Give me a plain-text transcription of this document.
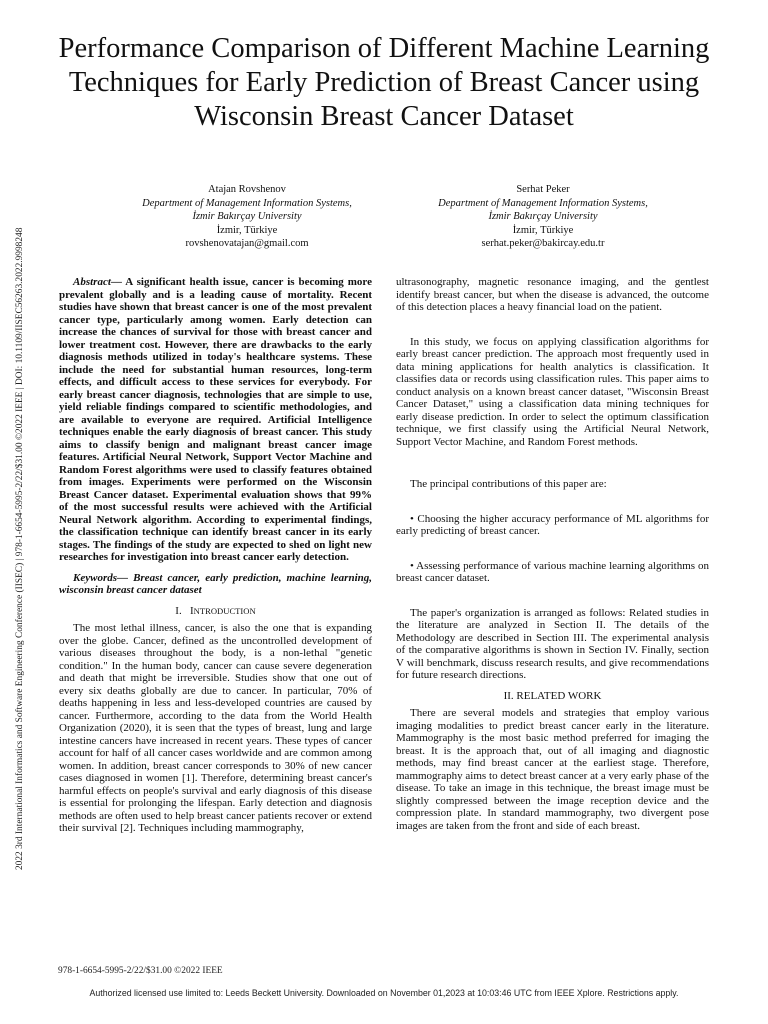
Performance Comparison of Different Machine Learning Techniques for Early Prediction of Breast Cancer using Wisconsin Breast Cancer Dataset
2022 3rd International Informatics and Software Engineering Conference (IISEC) | 978-1-6654-5995-2/22/$31.00 ©2022 IEEE | DOI: 10.1109/IISEC56263.2022.9998248
Atajan Rovshenov
Department of Management Information Systems,
İzmir Bakırçay University
İzmir, Türkiye
rovshenovatajan@gmail.com
Serhat Peker
Department of Management Information Systems,
İzmir Bakırçay University
İzmir, Türkiye
serhat.peker@bakircay.edu.tr

Abstract— A significant health issue, cancer is becoming more prevalent globally and is a leading cause of mortality. Recent studies have shown that breast cancer is one of the most prevalent cancer type, particularly among women. Early detection can increase the chances of survival for those with breast cancer and lower treatment cost. However, there are drawbacks to the early diagnosis methods utilized in today's healthcare systems. These include the need for substantial human resources, long-term effects, and difficult access to these services for everybody. For early breast cancer diagnosis, technologies that are simple to use, yield reliable findings compared to scientific methodologies, and are available to everyone are required. Artificial Intelligence techniques enable the early diagnosis of breast cancer. This study aims to classify benign and malignant breast cancer image features. Artificial Neural Network, Support Vector Machine and Random Forest algorithms were used to classify features obtained from images. Experiments were performed on the Wisconsin Breast Cancer dataset. Experimental evaluation shows that 99% of the most successful results were achieved with the Artificial Neural Network algorithm. According to experimental findings, the classification technique can identify breast cancer in its early stages. The findings of the study are expected to shed on light new researches for investigation into breast cancer early detection.

Keywords— Breast cancer, early prediction, machine learning, wisconsin breast cancer dataset

I. INTRODUCTION

The most lethal illness, cancer, is also the one that is expanding over the globe. Cancer, defined as the uncontrolled development of various diseases throughout the body, is a non-lethal "genetic condition." In the human body, cancer can cause severe degeneration and death that might be irreversible. Studies show that one out of every six deaths globally are due to cancer. In particular, 70% of deaths happening in less and less-developed countries are caused by cancer. Furthermore, according to the data from the World Health Organization (2020), it is seen that the types of breast, lung and large intestine cancers have increased in recent years. These types of cancer account for half of all cancer cases worldwide and are common among women. In addition, breast cancer corresponds to 30% of new cancer cases diagnosed in women [1]. Therefore, determining breast cancer's harmful effects on people's survival and early diagnosis of this disease is essential for prolonging the lifespan. Early detection and diagnosis methods are often used to help breast cancer patients recover or extend their survival [2]. Techniques including mammography,

ultrasonography, magnetic resonance imaging, and the gentlest identify breast cancer, but when the disease is advanced, the outcome of this detection places a heavy financial load on the patient.

In this study, we focus on applying classification algorithms for early breast cancer prediction. The approach most frequently used in data mining applications for health analytics is classification. It classifies data or records using classification rules. This paper aims to conduct analysis on a known breast cancer dataset, "Wisconsin Breast Cancer Dataset," using a classification data mining techniques for early disease prediction. In order to select the optimum classification technique, we first classify using the Artificial Neural Network, Support Vector Machine, and Random Forest methods.

The principal contributions of this paper are:

• Choosing the higher accuracy performance of ML algorithms for early predicting of breast cancer.

• Assessing performance of various machine learning algorithms on breast cancer dataset.

The paper's organization is arranged as follows: Related studies in the literature are analyzed in Section II. The details of the Methodology are described in Section III. The experimental analysis of the comparative algorithms is shown in Section IV. Finally, section V will benchmark, discuss research results, and give recommendations for future research directions.

II. RELATED WORK

There are several models and strategies that employ various imaging modalities to predict breast cancer early in the literature. Mammography is the most basic method preferred for imaging the breast. It is the approach that, out of all imaging and diagnostic methods, may find breast cancer at the earliest stage. Therefore, mammography aims to detect breast cancer at a very early phase of the disease. To take an image in this technique, the breast image must be slightly compressed between the image reception device and the compression plate. In standard mammography, two divergent pose images are taken from the front and side of each breast.

978-1-6654-5995-2/22/$31.00 ©2022 IEEE
Authorized licensed use limited to: Leeds Beckett University. Downloaded on November 01,2023 at 10:03:46 UTC from IEEE Xplore. Restrictions apply.
